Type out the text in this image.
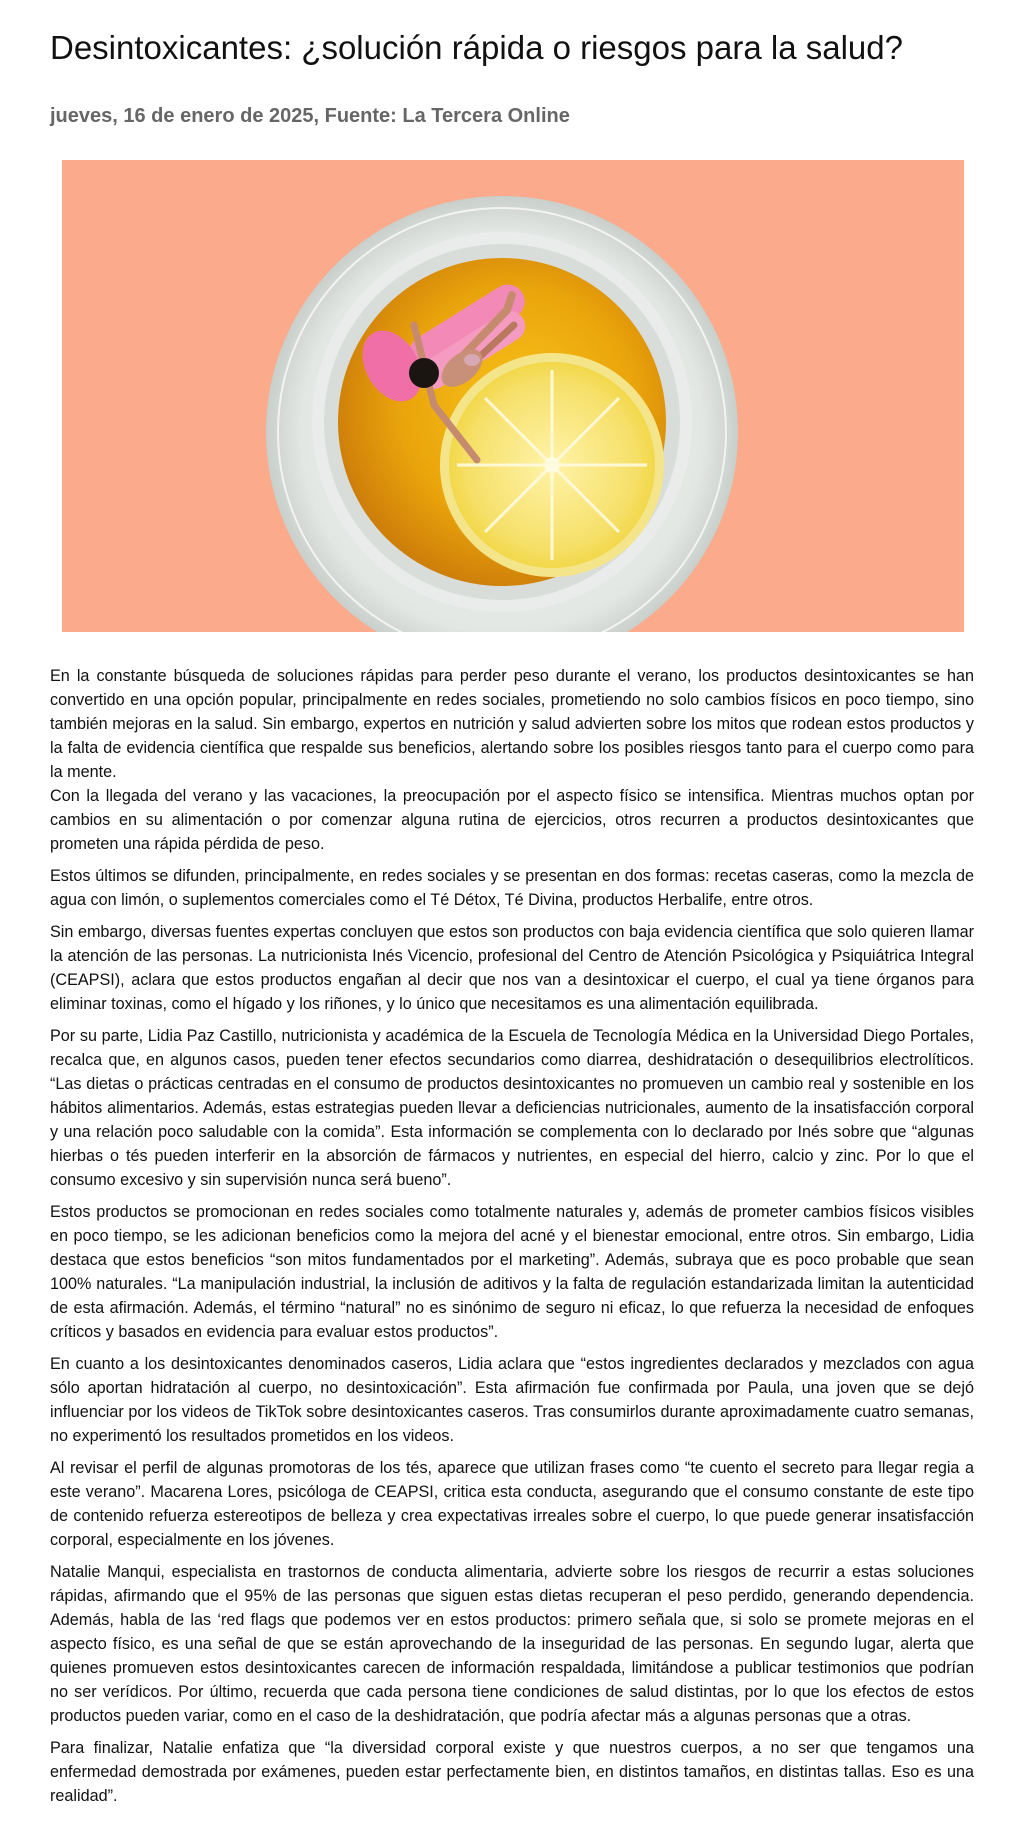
Desintoxicantes: ¿solución rápida o riesgos para la salud?
jueves, 16 de enero de 2025, Fuente: La Tercera Online

En la constante búsqueda de soluciones rápidas para perder peso durante el verano, los productos desintoxicantes se han convertido en una opción popular, principalmente en redes sociales, prometiendo no solo cambios físicos en poco tiempo, sino también mejoras en la salud. Sin embargo, expertos en nutrición y salud advierten sobre los mitos que rodean estos productos y la falta de evidencia científica que respalde sus beneficios, alertando sobre los posibles riesgos tanto para el cuerpo como para la mente.

Con la llegada del verano y las vacaciones, la preocupación por el aspecto físico se intensifica. Mientras muchos optan por cambios en su alimentación o por comenzar alguna rutina de ejercicios, otros recurren a productos desintoxicantes que prometen una rápida pérdida de peso.

Estos últimos se difunden, principalmente, en redes sociales y se presentan en dos formas: recetas caseras, como la mezcla de agua con limón, o suplementos comerciales como el Té Détox, Té Divina, productos Herbalife, entre otros.

Sin embargo, diversas fuentes expertas concluyen que estos son productos con baja evidencia científica que solo quieren llamar la atención de las personas. La nutricionista Inés Vicencio, profesional del Centro de Atención Psicológica y Psiquiátrica Integral (CEAPSI), aclara que estos productos engañan al decir que nos van a desintoxicar el cuerpo, el cual ya tiene órganos para eliminar toxinas, como el hígado y los riñones, y lo único que necesitamos es una alimentación equilibrada.

Por su parte, Lidia Paz Castillo, nutricionista y académica de la Escuela de Tecnología Médica en la Universidad Diego Portales, recalca que, en algunos casos, pueden tener efectos secundarios como diarrea, deshidratación o desequilibrios electrolíticos. “Las dietas o prácticas centradas en el consumo de productos desintoxicantes no promueven un cambio real y sostenible en los hábitos alimentarios. Además, estas estrategias pueden llevar a deficiencias nutricionales, aumento de la insatisfacción corporal y una relación poco saludable con la comida”. Esta información se complementa con lo declarado por Inés sobre que “algunas hierbas o tés pueden interferir en la absorción de fármacos y nutrientes, en especial del hierro, calcio y zinc. Por lo que el consumo excesivo y sin supervisión nunca será bueno”.

Estos productos se promocionan en redes sociales como totalmente naturales y, además de prometer cambios físicos visibles en poco tiempo, se les adicionan beneficios como la mejora del acné y el bienestar emocional, entre otros. Sin embargo, Lidia destaca que estos beneficios “son mitos fundamentados por el marketing”. Además, subraya que es poco probable que sean 100% naturales. “La manipulación industrial, la inclusión de aditivos y la falta de regulación estandarizada limitan la autenticidad de esta afirmación. Además, el término “natural” no es sinónimo de seguro ni eficaz, lo que refuerza la necesidad de enfoques críticos y basados en evidencia para evaluar estos productos”.

En cuanto a los desintoxicantes denominados caseros, Lidia aclara que “estos ingredientes declarados y mezclados con agua sólo aportan hidratación al cuerpo, no desintoxicación”. Esta afirmación fue confirmada por Paula, una joven que se dejó influenciar por los videos de TikTok sobre desintoxicantes caseros. Tras consumirlos durante aproximadamente cuatro semanas, no experimentó los resultados prometidos en los videos.

Al revisar el perfil de algunas promotoras de los tés, aparece que utilizan frases como “te cuento el secreto para llegar regia a este verano”. Macarena Lores, psicóloga de CEAPSI, critica esta conducta, asegurando que el consumo constante de este tipo de contenido refuerza estereotipos de belleza y crea expectativas irreales sobre el cuerpo, lo que puede generar insatisfacción corporal, especialmente en los jóvenes.

Natalie Manqui, especialista en trastornos de conducta alimentaria, advierte sobre los riesgos de recurrir a estas soluciones rápidas, afirmando que el 95% de las personas que siguen estas dietas recuperan el peso perdido, generando dependencia. Además, habla de las ‘red flags que podemos ver en estos productos: primero señala que, si solo se promete mejoras en el aspecto físico, es una señal de que se están aprovechando de la inseguridad de las personas. En segundo lugar, alerta que quienes promueven estos desintoxicantes carecen de información respaldada, limitándose a publicar testimonios que podrían no ser verídicos. Por último, recuerda que cada persona tiene condiciones de salud distintas, por lo que los efectos de estos productos pueden variar, como en el caso de la deshidratación, que podría afectar más a algunas personas que a otras.

Para finalizar, Natalie enfatiza que “la diversidad corporal existe y que nuestros cuerpos, a no ser que tengamos una enfermedad demostrada por exámenes, pueden estar perfectamente bien, en distintos tamaños, en distintas tallas. Eso es una realidad”.
